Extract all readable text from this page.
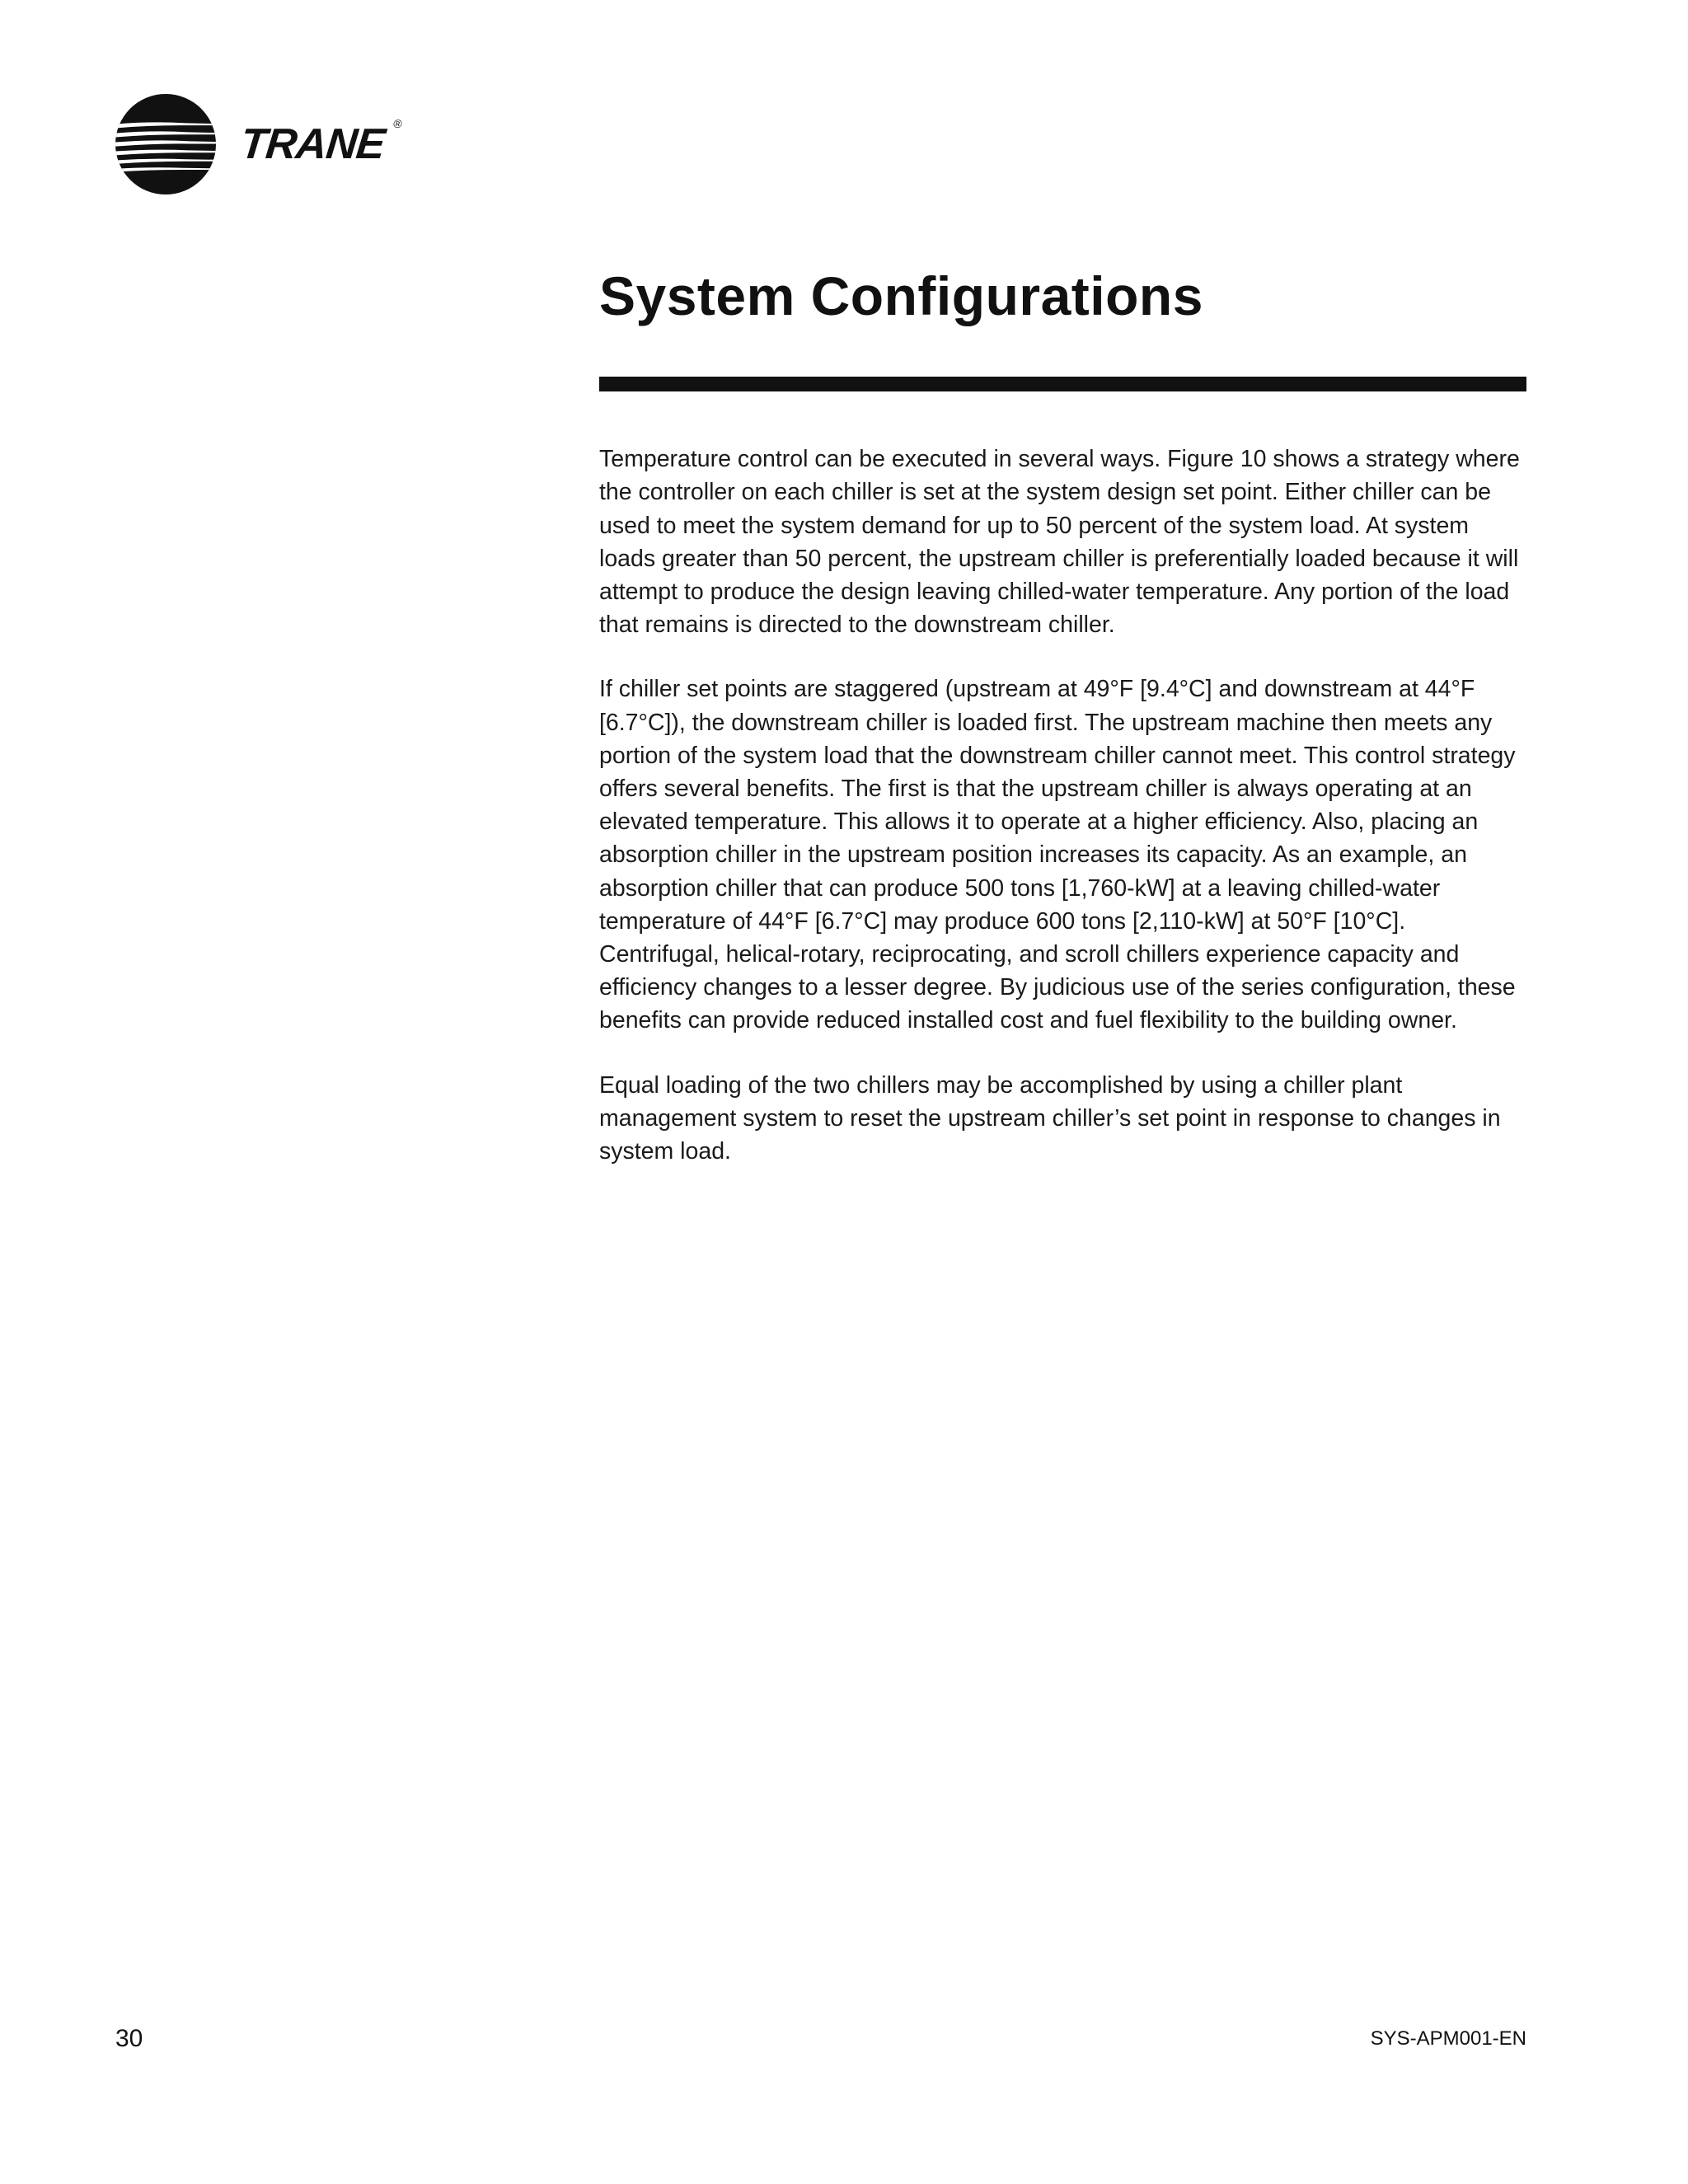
TRANE ®
System Configurations

Temperature control can be executed in several ways. Figure 10 shows a strategy where the controller on each chiller is set at the system design set point. Either chiller can be used to meet the system demand for up to 50 percent of the system load. At system loads greater than 50 percent, the upstream chiller is preferentially loaded because it will attempt to produce the design leaving chilled-water temperature. Any portion of the load that remains is directed to the downstream chiller.

If chiller set points are staggered (upstream at 49°F [9.4°C] and downstream at 44°F [6.7°C]), the downstream chiller is loaded first. The upstream machine then meets any portion of the system load that the downstream chiller cannot meet. This control strategy offers several benefits. The first is that the upstream chiller is always operating at an elevated temperature. This allows it to operate at a higher efficiency. Also, placing an absorption chiller in the upstream position increases its capacity. As an example, an absorption chiller that can produce 500 tons [1,760-kW] at a leaving chilled-water temperature of 44°F [6.7°C] may produce 600 tons [2,110-kW] at 50°F [10°C]. Centrifugal, helical-rotary, reciprocating, and scroll chillers experience capacity and efficiency changes to a lesser degree. By judicious use of the series configuration, these benefits can provide reduced installed cost and fuel flexibility to the building owner.

Equal loading of the two chillers may be accomplished by using a chiller plant management system to reset the upstream chiller’s set point in response to changes in system load.

30	SYS-APM001-EN
